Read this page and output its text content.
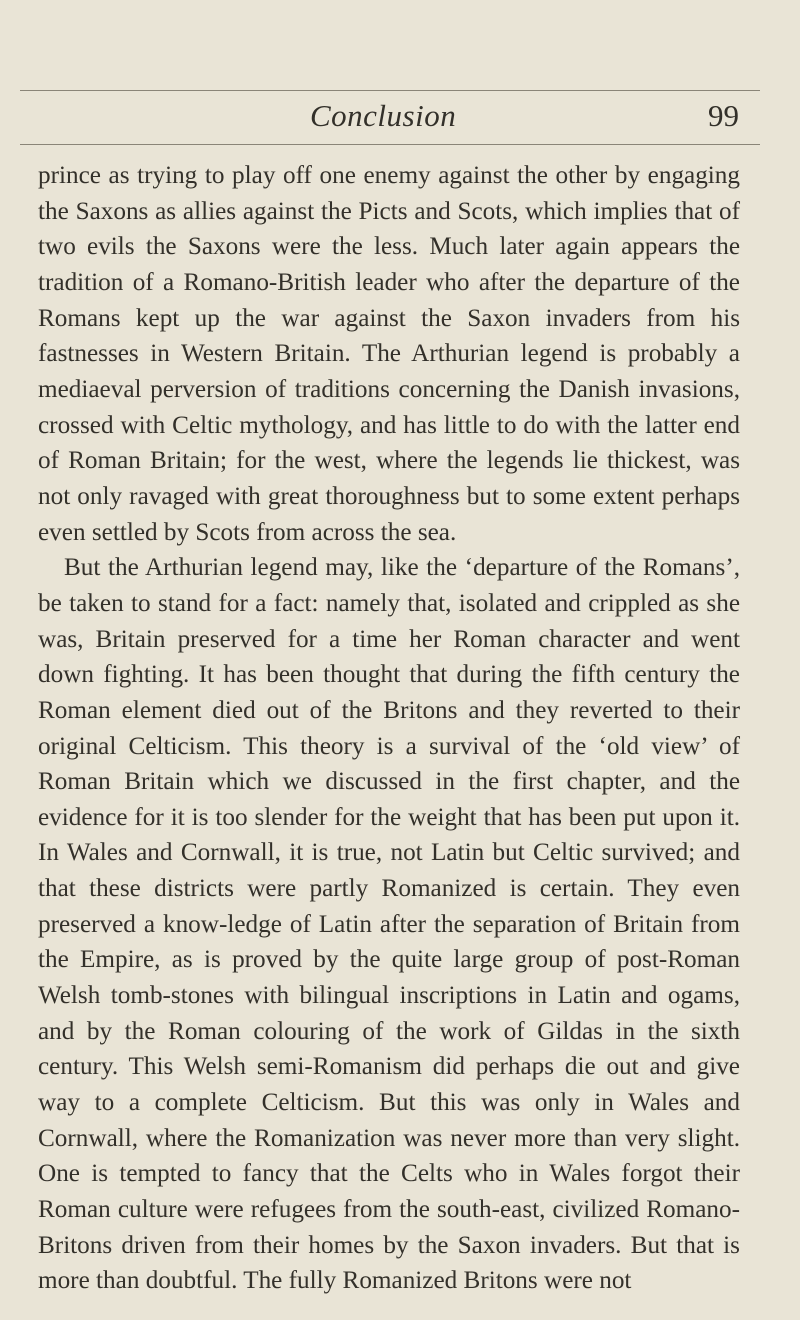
Conclusion	99

prince as trying to play off one enemy against the other by engaging the Saxons as allies against the Picts and Scots, which implies that of two evils the Saxons were the less. Much later again appears the tradition of a Romano-British leader who after the departure of the Romans kept up the war against the Saxon invaders from his fastnesses in Western Britain. The Arthurian legend is probably a mediaeval perversion of traditions concerning the Danish invasions, crossed with Celtic mythology, and has little to do with the latter end of Roman Britain; for the west, where the legends lie thickest, was not only ravaged with great thoroughness but to some extent perhaps even settled by Scots from across the sea.

But the Arthurian legend may, like the ‘departure of the Romans’, be taken to stand for a fact: namely that, isolated and crippled as she was, Britain preserved for a time her Roman character and went down fighting. It has been thought that during the fifth century the Roman element died out of the Britons and they reverted to their original Celticism. This theory is a survival of the ‘old view’ of Roman Britain which we discussed in the first chapter, and the evidence for it is too slender for the weight that has been put upon it. In Wales and Cornwall, it is true, not Latin but Celtic survived; and that these districts were partly Romanized is certain. They even preserved a know-ledge of Latin after the separation of Britain from the Empire, as is proved by the quite large group of post-Roman Welsh tomb-stones with bilingual inscriptions in Latin and ogams, and by the Roman colouring of the work of Gildas in the sixth century. This Welsh semi-Romanism did perhaps die out and give way to a complete Celticism. But this was only in Wales and Cornwall, where the Romanization was never more than very slight. One is tempted to fancy that the Celts who in Wales forgot their Roman culture were refugees from the south-east, civilized Romano-Britons driven from their homes by the Saxon invaders. But that is more than doubtful. The fully Romanized Britons were not
